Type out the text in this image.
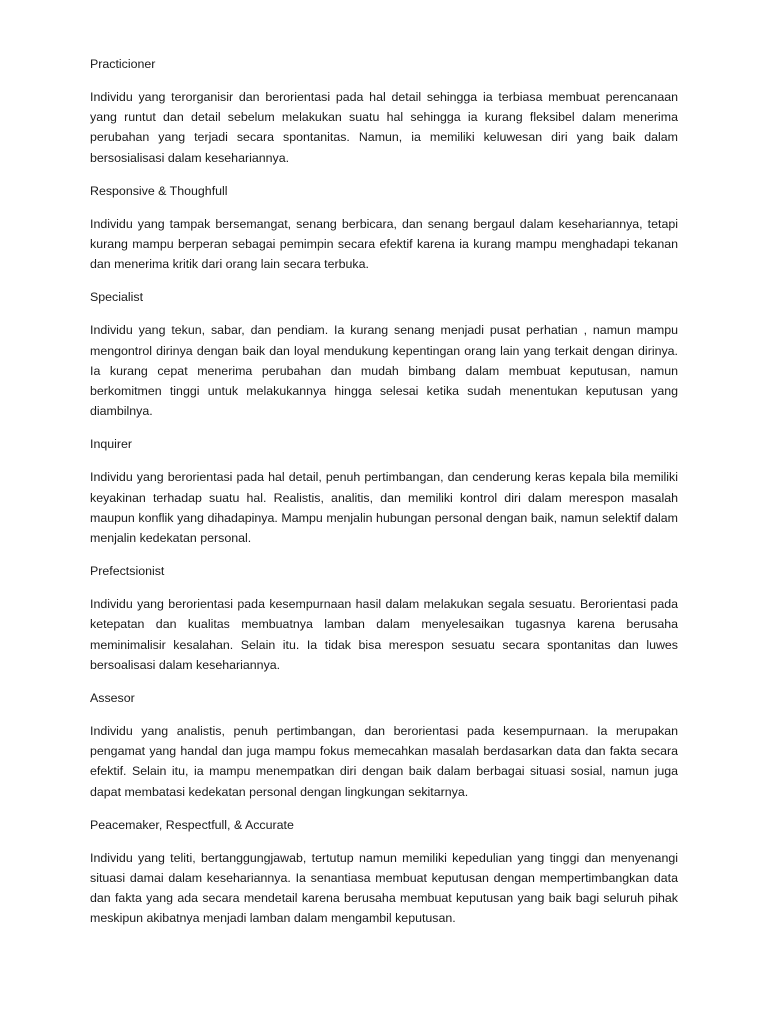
Practicioner

Individu yang terorganisir dan berorientasi pada hal detail sehingga ia terbiasa membuat perencanaan yang runtut dan detail sebelum melakukan suatu hal sehingga ia kurang fleksibel dalam menerima perubahan yang terjadi secara spontanitas. Namun, ia memiliki keluwesan diri yang baik dalam bersosialisasi dalam kesehariannya.

Responsive & Thoughfull

Individu yang tampak bersemangat, senang berbicara, dan senang bergaul dalam kesehariannya, tetapi kurang mampu berperan sebagai pemimpin secara efektif karena ia kurang mampu menghadapi tekanan dan menerima kritik dari orang lain secara terbuka.

Specialist

Individu yang tekun, sabar, dan pendiam. Ia kurang senang menjadi pusat perhatian , namun mampu mengontrol dirinya dengan baik dan loyal mendukung kepentingan orang lain yang terkait dengan dirinya. Ia kurang cepat menerima perubahan dan mudah bimbang dalam membuat keputusan, namun berkomitmen tinggi untuk melakukannya hingga selesai ketika sudah menentukan keputusan yang diambilnya.

Inquirer

Individu yang berorientasi pada hal detail, penuh pertimbangan, dan cenderung keras kepala bila memiliki keyakinan terhadap suatu hal. Realistis, analitis, dan memiliki kontrol diri dalam merespon masalah maupun konflik yang dihadapinya. Mampu menjalin hubungan personal dengan baik, namun selektif dalam menjalin kedekatan personal.

Prefectsionist

Individu yang berorientasi pada kesempurnaan hasil dalam melakukan segala sesuatu. Berorientasi pada ketepatan dan kualitas membuatnya lamban dalam menyelesaikan tugasnya karena berusaha meminimalisir kesalahan. Selain itu. Ia tidak bisa merespon sesuatu secara spontanitas dan luwes bersoalisasi dalam kesehariannya.

Assesor

Individu yang analistis, penuh pertimbangan, dan berorientasi pada kesempurnaan. Ia merupakan pengamat yang handal dan juga mampu fokus memecahkan masalah berdasarkan data dan fakta secara efektif. Selain itu, ia mampu menempatkan diri dengan baik dalam berbagai situasi sosial, namun juga dapat membatasi kedekatan personal dengan lingkungan sekitarnya.

Peacemaker, Respectfull, & Accurate

Individu yang teliti, bertanggungjawab, tertutup namun memiliki kepedulian yang tinggi dan menyenangi situasi damai dalam kesehariannya. Ia senantiasa membuat keputusan dengan mempertimbangkan data dan fakta yang ada secara mendetail karena berusaha membuat keputusan yang baik bagi seluruh pihak meskipun akibatnya menjadi lamban dalam mengambil keputusan.
